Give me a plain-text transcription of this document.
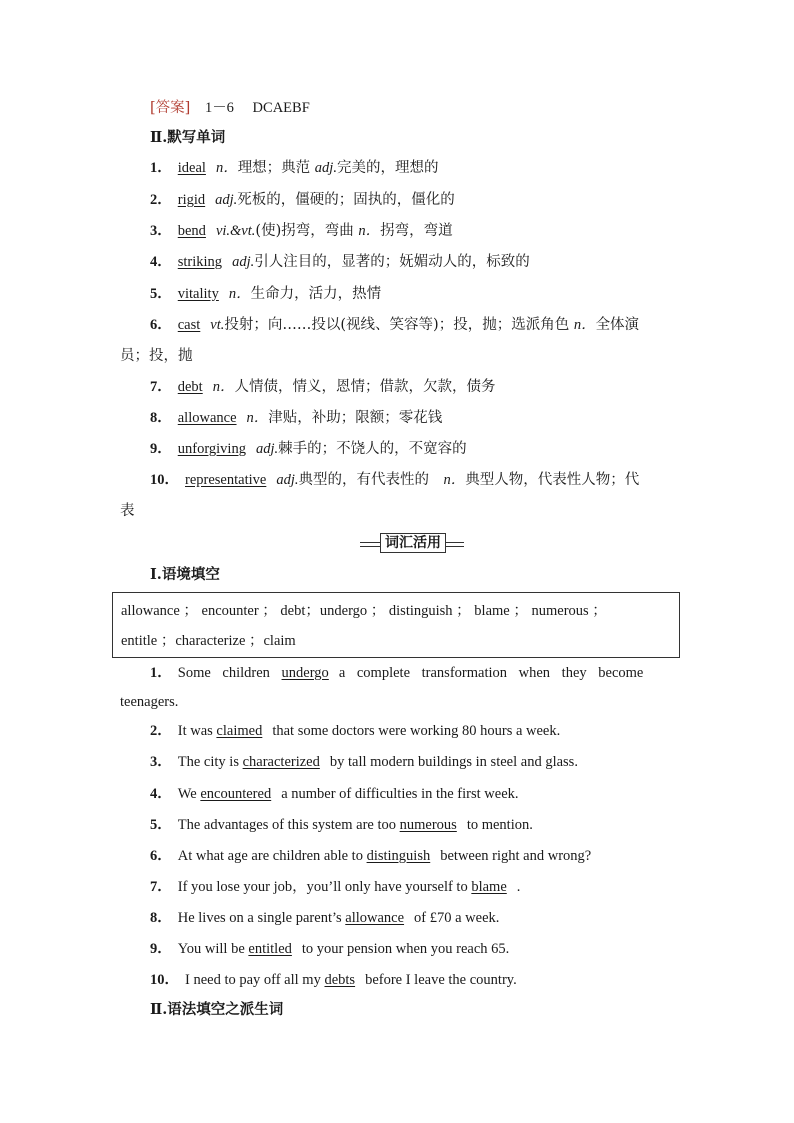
[答案] 1－6 DCAEBF
Ⅱ.默写单词
1． ideal n．理想；典范 adj.完美的，理想的
2． rigid adj.死板的，僵硬的；固执的，僵化的
3． bend vi.&vt.(使)拐弯，弯曲 n．拐弯，弯道
4． striking adj.引人注目的，显著的；妩媚动人的，标致的
5． vitality n．生命力，活力，热情
6． cast vt.投射；向……投以(视线、笑容等)；投，抛；选派角色 n．全体演
员；投，抛
7． debt n．人情债，情义，恩情；借款，欠款，债务
8． allowance n．津贴，补助；限额；零花钱
9． unforgiving adj.棘手的；不饶人的，不宽容的
10． representative adj.典型的，有代表性的　n．典型人物，代表性人物；代
表
词汇活用
Ⅰ.语境填空
allowance ； encounter ； debt；undergo ； distinguish ； blame ； numerous ；
entitle ；characterize ；claim
1． Some children undergo a complete transformation when they become
teenagers.
2． It was claimed that some doctors were working 80 hours a week.
3． The city is characterized by tall modern buildings in steel and glass.
4． We encountered a number of difficulties in the first week.
5． The advantages of this system are too numerous to mention.
6． At what age are children able to distinguish between right and wrong?
7． If you lose your job，you’ll only have yourself to blame .
8． He lives on a single parent’s allowance of £70 a week.
9． You will be entitled to your pension when you reach 65.
10． I need to pay off all my debts before I leave the country.
Ⅱ.语法填空之派生词
